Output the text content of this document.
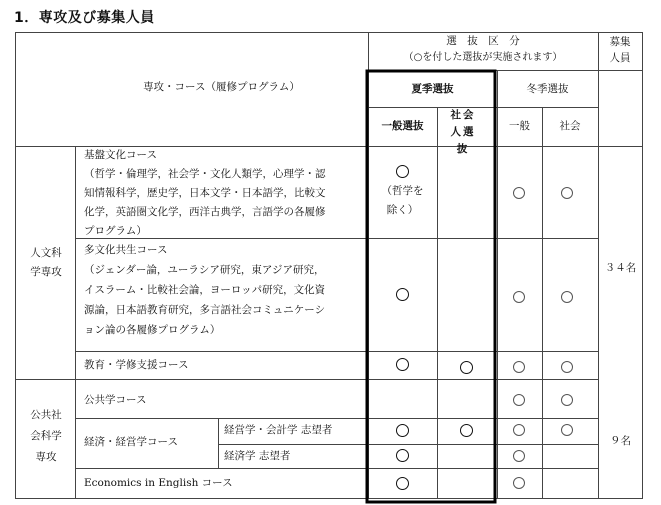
1．専攻及び募集人員
専攻・コース（履修プログラム）
選　抜　区　分
（○を付した選抜が実施されます）
募集人員
夏季選抜	冬季選抜
一般選抜
社会人選抜
一般	社会
人文科学専攻
公共社会科学専攻
基盤文化コース
（哲学・倫理学，社会学・文化人類学，心理学・認
知情報科学，歴史学，日本文学・日本語学，比較文
化学，英語圏文化学，西洋古典学，言語学の各履修
プログラム）
多文化共生コース
（ジェンダー論，ユーラシア研究，東アジア研究，
イスラーム・比較社会論，ヨーロッパ研究，文化資
源論，日本語教育研究，多言語社会コミュニケーシ
ョン論の各履修プログラム）
教育・学修支援コース
公共学コース
経済・経営学コース
経営学・会計学 志望者
経済学 志望者
Economics in English コース
（哲学を
除く）
３４名
９名
